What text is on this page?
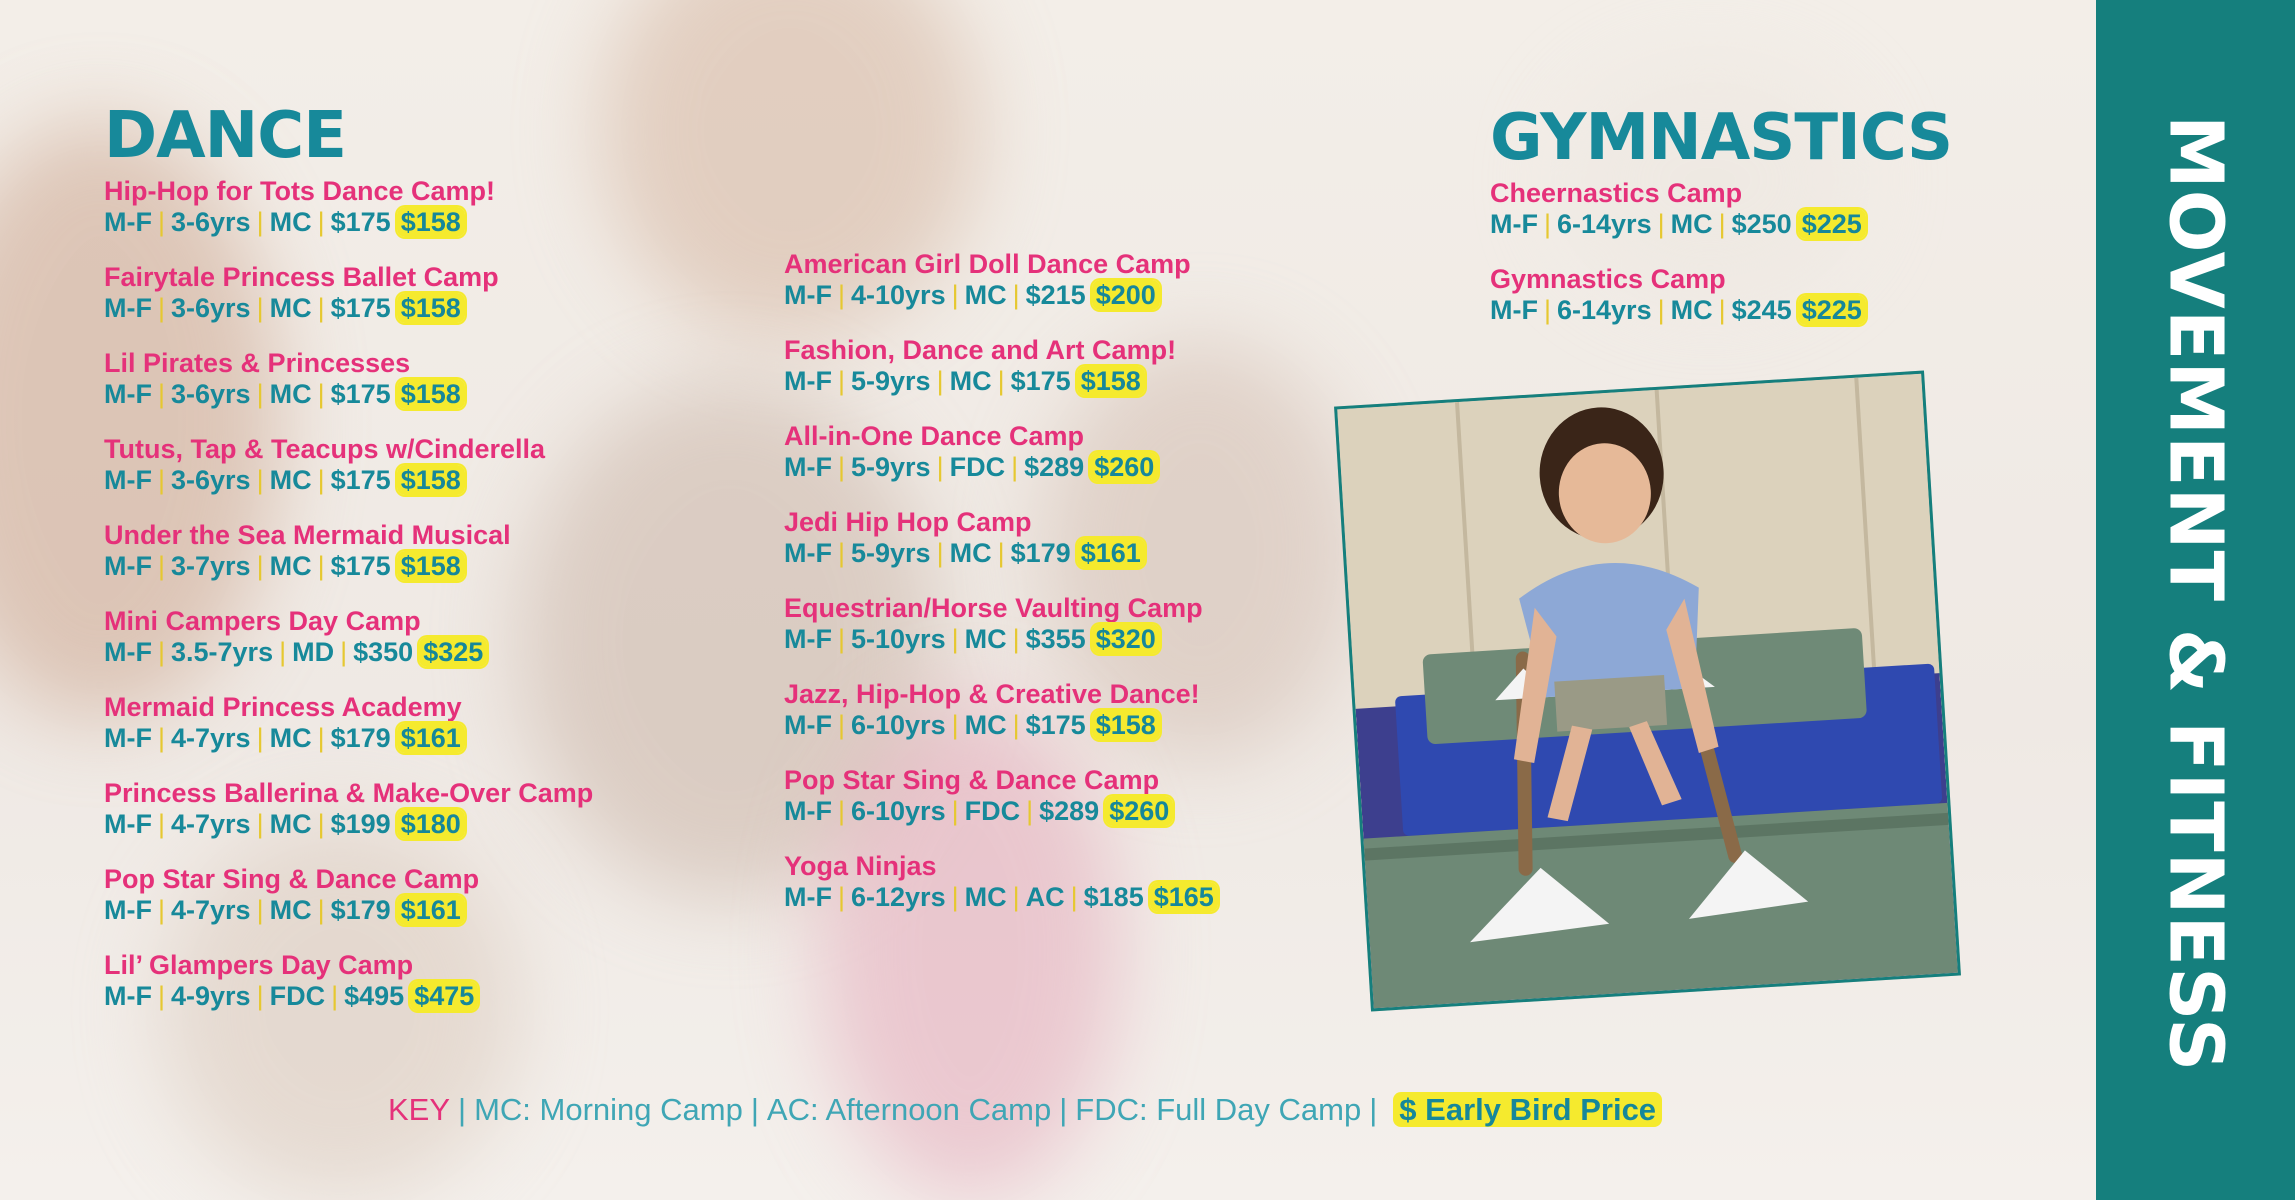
DANCE
Hip-Hop for Tots Dance Camp!
M-F | 3-6yrs | MC | $175 $158
Fairytale Princess Ballet Camp
M-F | 3-6yrs | MC | $175 $158
Lil Pirates & Princesses
M-F | 3-6yrs | MC | $175 $158
Tutus, Tap & Teacups w/Cinderella
M-F | 3-6yrs | MC | $175 $158
Under the Sea Mermaid Musical
M-F | 3-7yrs | MC | $175 $158
Mini Campers Day Camp
M-F | 3.5-7yrs | MD | $350 $325
Mermaid Princess Academy
M-F | 4-7yrs | MC | $179 $161
Princess Ballerina & Make-Over Camp
M-F | 4-7yrs | MC | $199 $180
Pop Star Sing & Dance Camp
M-F | 4-7yrs | MC | $179 $161
Lil’ Glampers Day Camp
M-F | 4-9yrs | FDC | $495 $475
American Girl Doll Dance Camp
M-F | 4-10yrs | MC | $215 $200
Fashion, Dance and Art Camp!
M-F | 5-9yrs | MC | $175 $158
All-in-One Dance Camp
M-F | 5-9yrs | FDC | $289 $260
Jedi Hip Hop Camp
M-F | 5-9yrs | MC | $179 $161
Equestrian/Horse Vaulting Camp
M-F | 5-10yrs | MC | $355 $320
Jazz, Hip-Hop & Creative Dance!
M-F | 6-10yrs | MC | $175 $158
Pop Star Sing & Dance Camp
M-F | 6-10yrs | FDC | $289 $260
Yoga Ninjas
M-F | 6-12yrs | MC | AC | $185 $165
GYMNASTICS
Cheernastics Camp
M-F | 6-14yrs | MC | $250 $225
Gymnastics Camp
M-F | 6-14yrs | MC | $245 $225
KEY | MC: Morning Camp | AC: Afternoon Camp | FDC: Full Day Camp | $ Early Bird Price
MOVEMENT & FITNESS
